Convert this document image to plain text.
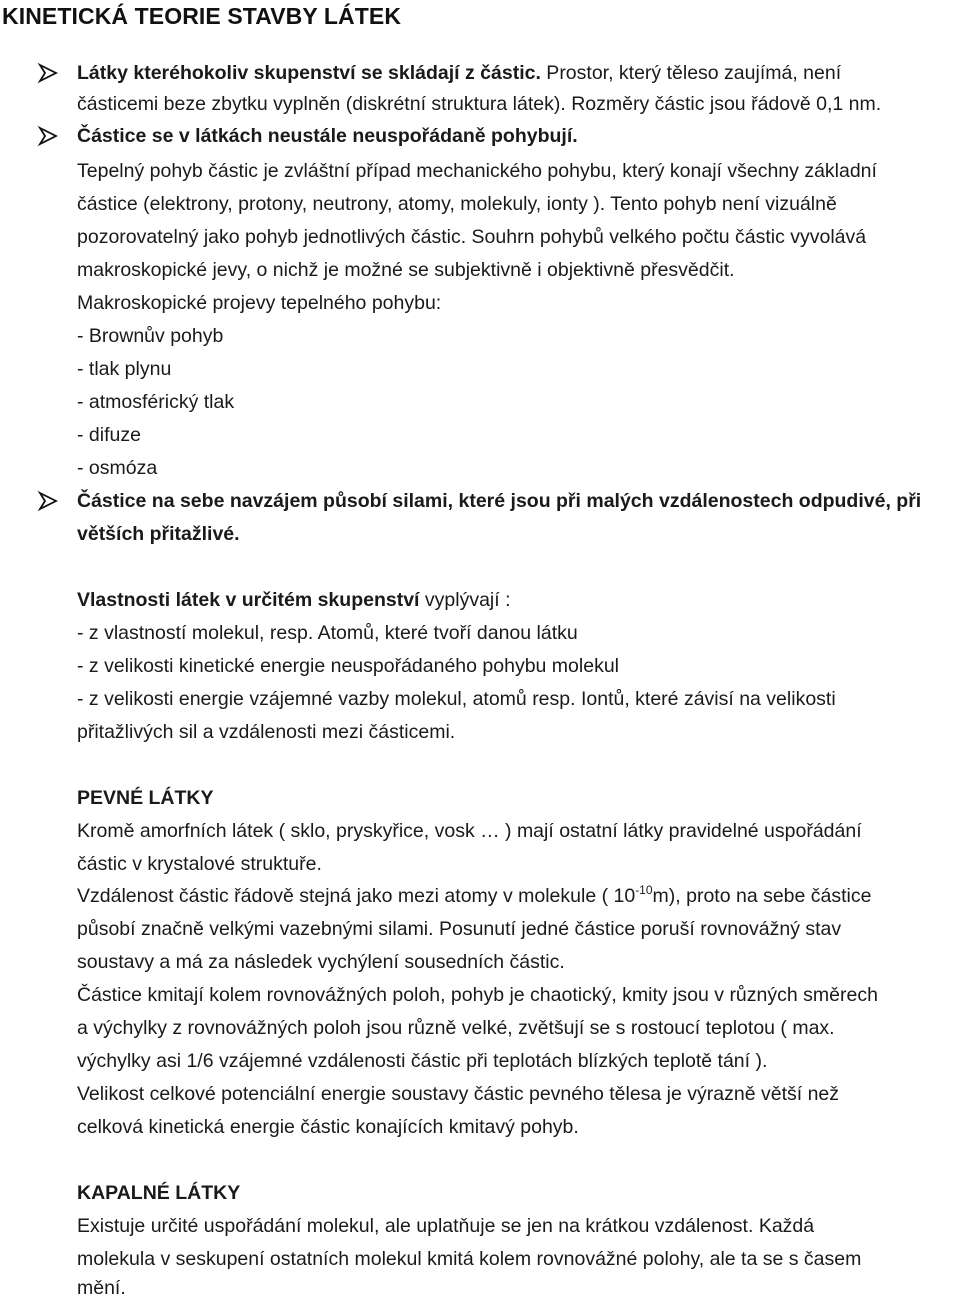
KINETICKÁ TEORIE STAVBY LÁTEK
Látky kteréhokoliv skupenství se skládají z částic. Prostor, který těleso zaujímá, není
částicemi beze zbytku vyplněn (diskrétní struktura látek). Rozměry částic jsou řádově 0,1 nm.
Částice se v látkách neustále neuspořádaně pohybují.
Tepelný pohyb částic je zvláštní případ mechanického pohybu, který konají všechny základní
částice (elektrony, protony, neutrony, atomy, molekuly, ionty ). Tento pohyb není vizuálně
pozorovatelný jako pohyb jednotlivých částic. Souhrn pohybů velkého počtu částic vyvolává
makroskopické jevy, o nichž je možné se subjektivně i objektivně přesvědčit.
Makroskopické projevy tepelného pohybu:
- Brownův pohyb
- tlak plynu
- atmosférický tlak
- difuze
- osmóza
Částice na sebe navzájem působí silami, které jsou při malých vzdálenostech odpudivé, při
větších přitažlivé.
Vlastnosti látek v určitém skupenství vyplývají :
- z vlastností molekul, resp. Atomů, které tvoří danou látku
- z velikosti kinetické energie neuspořádaného pohybu molekul
- z velikosti energie vzájemné vazby molekul, atomů resp. Iontů, které závisí na velikosti
přitažlivých sil a vzdálenosti mezi částicemi.
PEVNÉ LÁTKY
Kromě amorfních látek ( sklo, pryskyřice, vosk … ) mají ostatní látky pravidelné uspořádání
částic v krystalové struktuře.
Vzdálenost částic řádově stejná jako mezi atomy v molekule ( $10^{-10}m$), proto na sebe částice
působí značně velkými vazebnými silami. Posunutí jedné částice poruší rovnovážný stav
soustavy a má za následek vychýlení sousedních částic.
Částice kmitají kolem rovnovážných poloh, pohyb je chaotický, kmity jsou v různých směrech
a výchylky z rovnovážných poloh jsou různě velké, zvětšují se s rostoucí teplotou ( max.
výchylky asi 1/6 vzájemné vzdálenosti částic při teplotách blízkých teplotě tání ).
Velikost celkové potenciální energie soustavy částic pevného tělesa je výrazně větší než
celková kinetická energie částic konajících kmitavý pohyb.
KAPALNÉ LÁTKY
Existuje určité uspořádání molekul, ale uplatňuje se jen na krátkou vzdálenost. Každá
molekula v seskupení ostatních molekul kmitá kolem rovnovážné polohy, ale ta se s časem
mění.
